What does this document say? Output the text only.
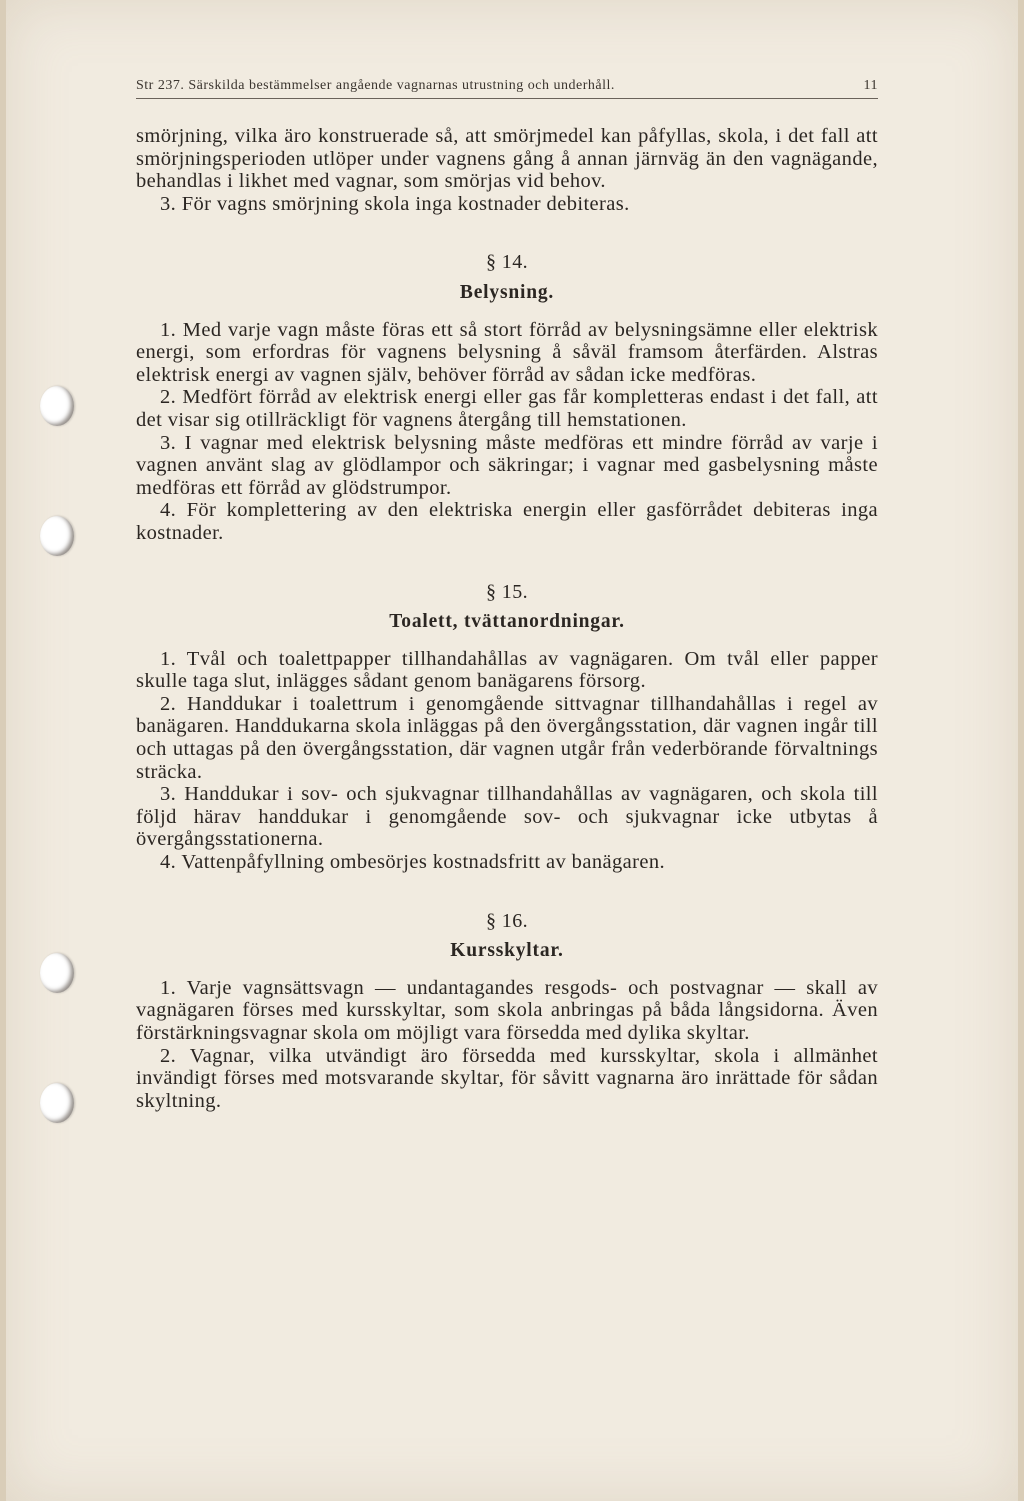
Str 237. Särskilda bestämmelser angående vagnarnas utrustning och underhåll.	11

smörjning, vilka äro konstruerade så, att smörjmedel kan påfyllas, skola, i det fall att smörjningsperioden utlöper under vagnens gång å annan järnväg än den vagnägande, behandlas i likhet med vagnar, som smörjas vid behov.

3. För vagns smörjning skola inga kostnader debiteras.

§ 14.
Belysning.

1. Med varje vagn måste föras ett så stort förråd av belysningsämne eller elektrisk energi, som erfordras för vagnens belysning å såväl framsom återfärden. Alstras elektrisk energi av vagnen själv, behöver förråd av sådan icke medföras.

2. Medfört förråd av elektrisk energi eller gas får kompletteras endast i det fall, att det visar sig otillräckligt för vagnens återgång till hemstationen.

3. I vagnar med elektrisk belysning måste medföras ett mindre förråd av varje i vagnen använt slag av glödlampor och säkringar; i vagnar med gasbelysning måste medföras ett förråd av glödstrumpor.

4. För komplettering av den elektriska energin eller gasförrådet debiteras inga kostnader.

§ 15.
Toalett, tvättanordningar.

1. Tvål och toalettpapper tillhandahållas av vagnägaren. Om tvål eller papper skulle taga slut, inlägges sådant genom banägarens försorg.

2. Handdukar i toalettrum i genomgående sittvagnar tillhandahållas i regel av banägaren. Handdukarna skola inläggas på den övergångsstation, där vagnen ingår till och uttagas på den övergångsstation, där vagnen utgår från vederbörande förvaltnings sträcka.

3. Handdukar i sov- och sjukvagnar tillhandahållas av vagnägaren, och skola till följd härav handdukar i genomgående sov- och sjukvagnar icke utbytas å övergångsstationerna.

4. Vattenpåfyllning ombesörjes kostnadsfritt av banägaren.

§ 16.
Kursskyltar.

1. Varje vagnsättsvagn — undantagandes resgods- och postvagnar — skall av vagnägaren förses med kursskyltar, som skola anbringas på båda långsidorna. Även förstärkningsvagnar skola om möjligt vara försedda med dylika skyltar.

2. Vagnar, vilka utvändigt äro försedda med kursskyltar, skola i allmänhet invändigt förses med motsvarande skyltar, för såvitt vagnarna äro inrättade för sådan skyltning.
